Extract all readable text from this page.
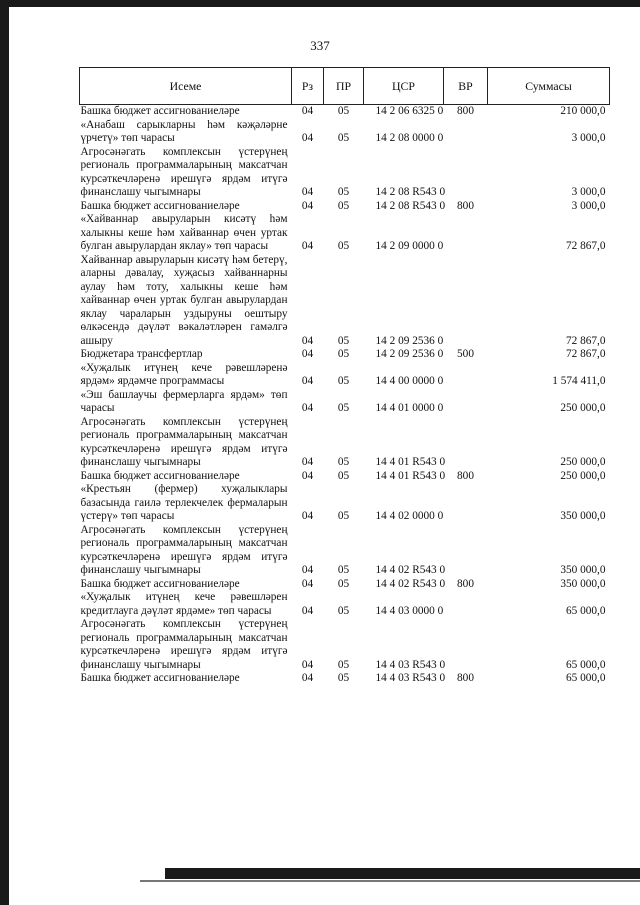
337
Исеме	Рз	ПР	ЦСР	ВР	Суммасы
Башка бюджет ассигнованиеләре	04	05	14 2 06 6325 0	800	210 000,0
«Анабаш сарыкларны һәм кәҗәләрне үрчетү» төп чарасы	04	05	14 2 08 0000 0		3 000,0
Агросәнәгать комплексын үстерүнең региональ программаларының максатчан курсәткечләренә ирешүгә ярдәм итүгә финанслашу чыгымнары	04	05	14 2 08 R543 0		3 000,0
Башка бюджет ассигнованиеләре	04	05	14 2 08 R543 0	800	3 000,0
«Хайваннар авыруларын кисәтү һәм халыкны кеше һәм хайваннар өчен уртак булган авырулардан яклау» төп чарасы	04	05	14 2 09 0000 0		72 867,0
Хайваннар авыруларын кисәтү һәм бетерү, аларны дәвалау, хуҗасыз хайваннарны аулау һәм тоту, халыкны кеше һәм хайваннар өчен уртак булган авырулардан яклау чараларын уздыруны оештыру өлкәсендә дәүләт вәкаләтләрен гамәлгә ашыру	04	05	14 2 09 2536 0		72 867,0
Бюджетара трансфертлар	04	05	14 2 09 2536 0	500	72 867,0
«Хуҗалык итүнең кече рәвешләренә ярдәм» ярдәмче программасы	04	05	14 4 00 0000 0		1 574 411,0
«Эш башлаучы фермерларга ярдәм» төп чарасы	04	05	14 4 01 0000 0		250 000,0
Агросәнәгать комплексын үстерүнең региональ программаларының максатчан курсәткечләренә ирешүгә ярдәм итүгә финанслашу чыгымнары	04	05	14 4 01 R543 0		250 000,0
Башка бюджет ассигнованиеләре	04	05	14 4 01 R543 0	800	250 000,0
«Крестьян (фермер) хуҗалыклары базасында гаилә терлекчелек фермаларын үстерү» төп чарасы	04	05	14 4 02 0000 0		350 000,0
Агросәнәгать комплексын үстерүнең региональ программаларының максатчан курсәткечләренә ирешүгә ярдәм итүгә финанслашу чыгымнары	04	05	14 4 02 R543 0		350 000,0
Башка бюджет ассигнованиеләре	04	05	14 4 02 R543 0	800	350 000,0
«Хуҗалык итүнең кече рәвешләрен кредитлауга дәүләт ярдәме» төп чарасы	04	05	14 4 03 0000 0		65 000,0
Агросәнәгать комплексын үстерүнең региональ программаларының максатчан курсәткечләренә ирешүгә ярдәм итүгә финанслашу чыгымнары	04	05	14 4 03 R543 0		65 000,0
Башка бюджет ассигнованиеләре	04	05	14 4 03 R543 0	800	65 000,0
